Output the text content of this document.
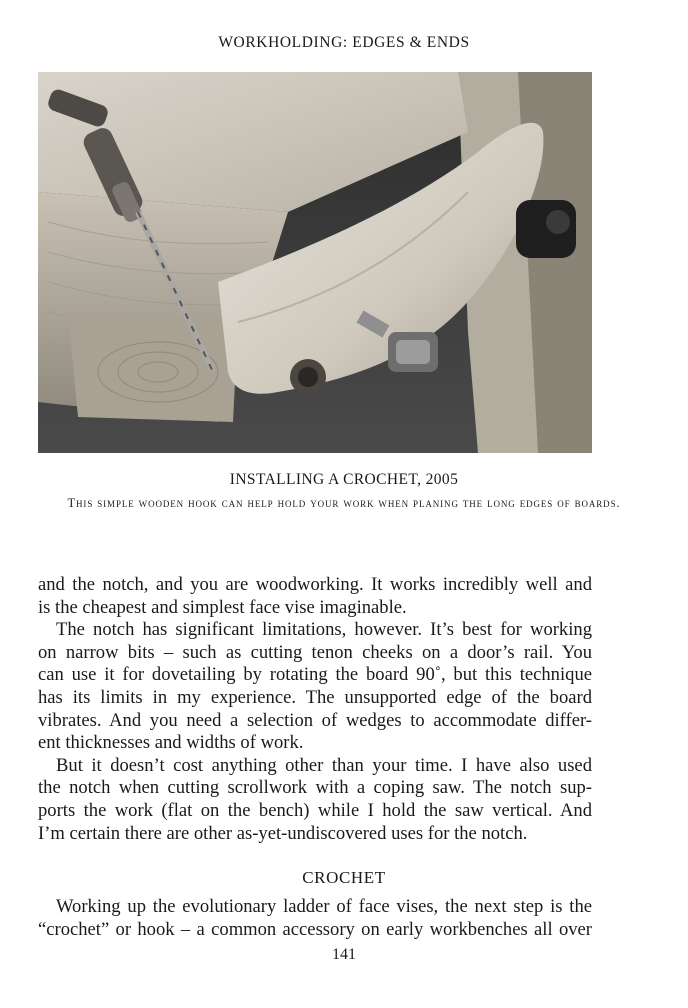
WORKHOLDING: EDGES & ENDS
INSTALLING A CROCHET, 2005
This simple wooden hook can help hold your work when planing the long edges of boards.

and the notch, and you are woodworking. It works incredibly well and

is the cheapest and simplest face vise imaginable.

The notch has significant limitations, however. It’s best for working

on narrow bits – such as cutting tenon cheeks on a door’s rail. You

can use it for dovetailing by rotating the board 90˚, but this technique

has its limits in my experience. The unsupported edge of the board

vibrates. And you need a selection of wedges to accommodate differ-

ent thicknesses and widths of work.

But it doesn’t cost anything other than your time. I have also used

the notch when cutting scrollwork with a coping saw. The notch sup-

ports the work (flat on the bench) while I hold the saw vertical. And

I’m certain there are other as-yet-undiscovered uses for the notch.

CROCHET

Working up the evolutionary ladder of face vises, the next step is the

“crochet” or hook – a common accessory on early workbenches all over

141
